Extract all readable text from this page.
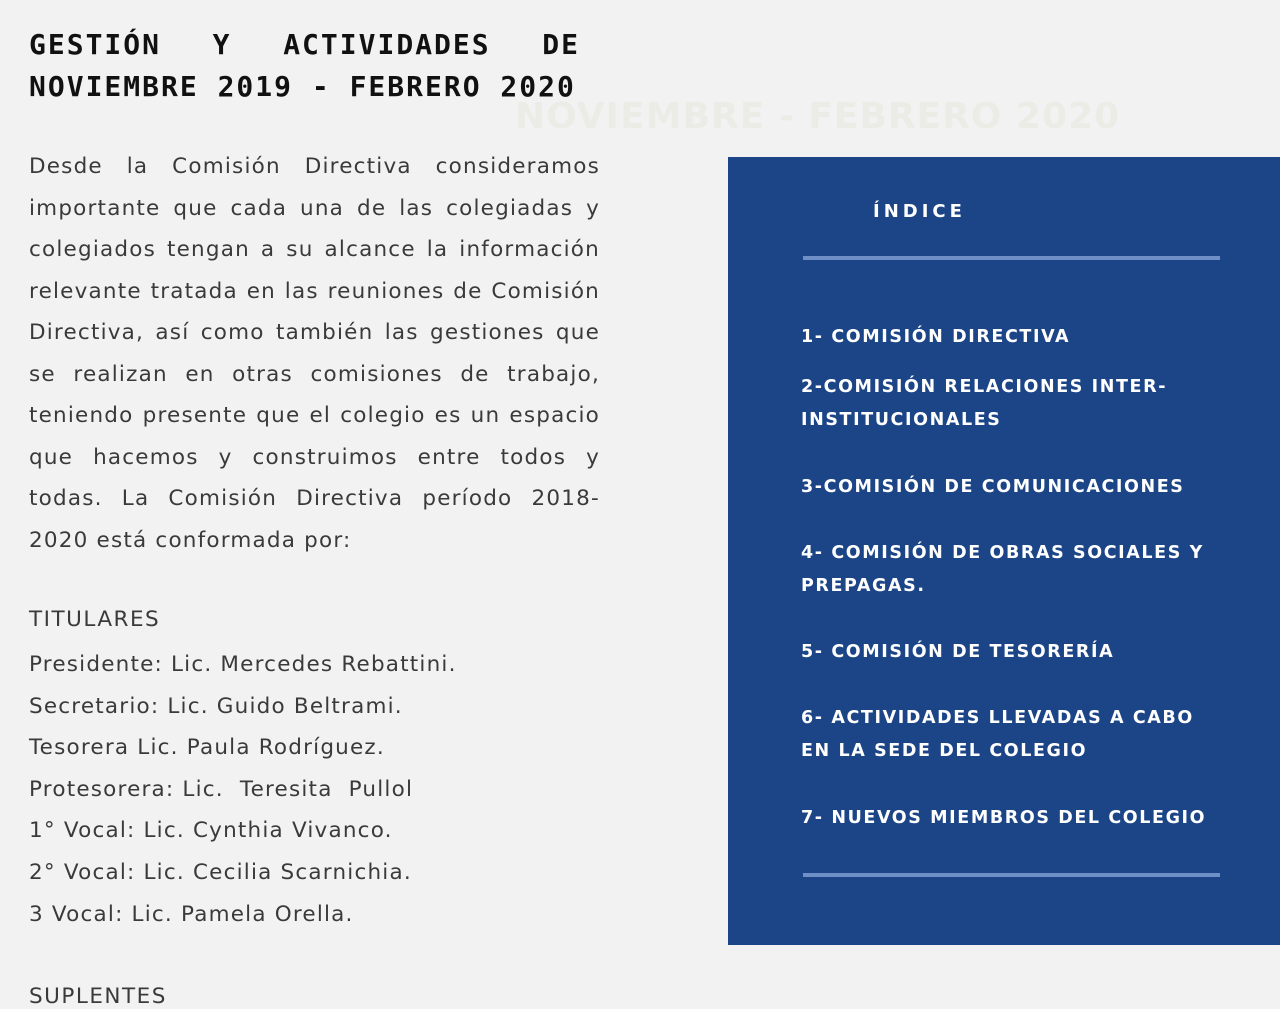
GESTIÓN Y ACTIVIDADES DE
NOVIEMBRE 2019 - FEBRERO 2020
NOVIEMBRE - FEBRERO 2020

Desde la Comisión Directiva consideramos importante que cada una de las colegiadas y colegiados tengan a su alcance la información relevante tratada en las reuniones de Comisión Directiva, así como también las gestiones que se realizan en otras comisiones de trabajo, teniendo presente que el colegio es un espacio que hacemos y construimos entre todos y todas. La Comisión Directiva período 2018- 2020 está conformada por:

TITULARES
Presidente: Lic. Mercedes Rebattini.
Secretario: Lic. Guido Beltrami.
Tesorera Lic. Paula Rodríguez.
Protesorera: Lic.  Teresita  Pullol
1° Vocal: Lic. Cynthia Vivanco.
2° Vocal: Lic. Cecilia Scarnichia.
3 Vocal: Lic. Pamela Orella.
SUPLENTES
ÍNDICE
1- COMISIÓN DIRECTIVA
2-COMISIÓN RELACIONES INTER-INSTITUCIONALES
3-COMISIÓN DE COMUNICACIONES
4- COMISIÓN DE OBRAS SOCIALES Y PREPAGAS.
5- COMISIÓN DE TESORERÍA
6- ACTIVIDADES LLEVADAS A CABO EN LA SEDE DEL COLEGIO
7- NUEVOS MIEMBROS DEL COLEGIO
